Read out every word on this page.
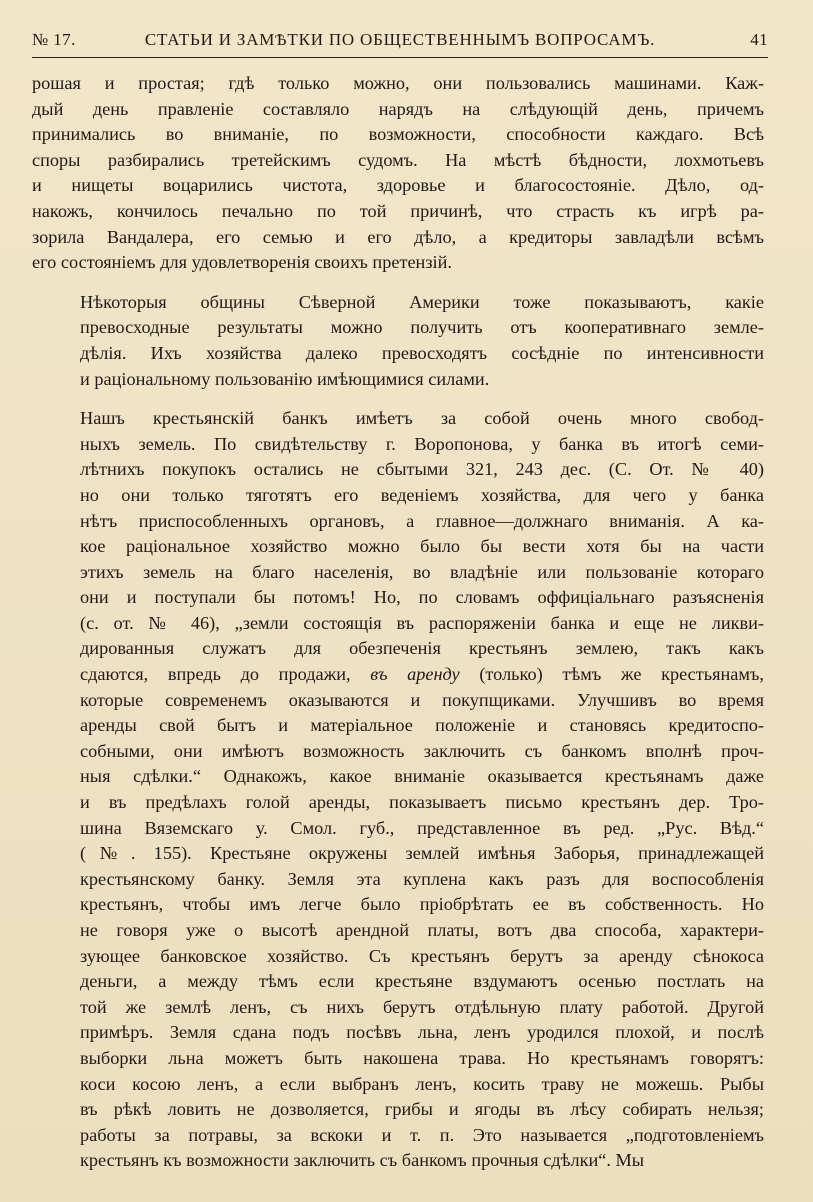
№ 17.	СТАТЬИ И ЗАМѢТКИ ПО ОБЩЕСТВЕННЫМЪ ВОПРОСАМЪ.	41
рошая и простая; гдѣ только можно, они пользовались машинами. Каж-
дый день правленіе составляло нарядъ на слѣдующій день, причемъ
принимались во вниманіе, по возможности, способности каждаго. Всѣ
споры разбирались третейскимъ судомъ. На мѣстѣ бѣдности, лохмотьевъ
и нищеты воцарились чистота, здоровье и благосостояніе. Дѣло, од-
накожъ, кончилось печально по той причинѣ, что страсть къ игрѣ ра-
зорила Вандалера, его семью и его дѣло, а кредиторы завладѣли всѣмъ
его состояніемъ для удовлетворенія своихъ претензій.
Нѣкоторыя общины Сѣверной Америки тоже показываютъ, какіе
превосходные результаты можно получить отъ кооперативнаго земле-
дѣлія. Ихъ хозяйства далеко превосходятъ сосѣдніе по интенсивности
и раціональному пользованію имѣющимися силами.
Нашъ крестьянскій банкъ имѣетъ за собой очень много свобод-
ныхъ земель. По свидѣтельству г. Воропонова, у банка въ итогѣ семи-
лѣтнихъ покупокъ остались не сбытыми 321, 243 дес. (С. От. № 40)
но они только тяготятъ его веденіемъ хозяйства, для чего у банка
нѣтъ приспособленныхъ органовъ, а главное—должнаго вниманія. А ка-
кое раціональное хозяйство можно было бы вести хотя бы на части
этихъ земель на благо населенія, во владѣніе или пользованіе котораго
они и поступали бы потомъ! Но, по словамъ оффиціальнаго разъясненія
(с. от. № 46), „земли состоящія въ распоряженіи банка и еще не ликви-
дированныя служатъ для обезпеченія крестьянъ землею, такъ какъ
сдаются, впредь до продажи, въ аренду (только) тѣмъ же крестьянамъ,
которые современемъ оказываются и покупщиками. Улучшивъ во время
аренды свой бытъ и матеріальное положеніе и становясь кредитоспо-
собными, они имѣютъ возможность заключить съ банкомъ вполнѣ проч-
ныя сдѣлки.“ Однакожъ, какое вниманіе оказывается крестьянамъ даже
и въ предѣлахъ голой аренды, показываетъ письмо крестьянъ дер. Тро-
шина Вяземскаго у. Смол. губ., представленное въ ред. „Рус. Вѣд.“
(№. 155). Крестьяне окружены землей имѣнья Заборья, принадлежащей
крестьянскому банку. Земля эта куплена какъ разъ для воспособленія
крестьянъ, чтобы имъ легче было пріобрѣтать ее въ собственность. Но
не говоря уже о высотѣ арендной платы, вотъ два способа, характери-
зующее банковское хозяйство. Съ крестьянъ берутъ за аренду сѣнокоса
деньги, а между тѣмъ если крестьяне вздумаютъ осенью постлать на
той же землѣ ленъ, съ нихъ берутъ отдѣльную плату работой. Другой
примѣръ. Земля сдана подъ посѣвъ льна, ленъ уродился плохой, и послѣ
выборки льна можетъ быть накошена трава. Но крестьянамъ говорятъ:
коси косою ленъ, а если выбранъ ленъ, косить траву не можешь. Рыбы
въ рѣкѣ ловить не дозволяется, грибы и ягоды въ лѣсу собирать нельзя;
работы за потравы, за вскоки и т. п. Это называется „подготовленіемъ
крестьянъ къ возможности заключить съ банкомъ прочныя сдѣлки“. Мы
